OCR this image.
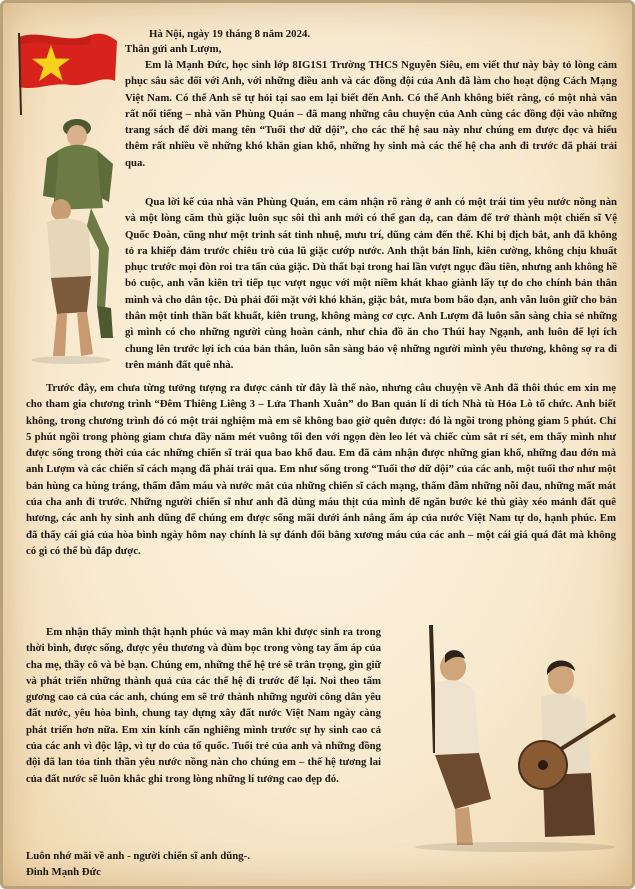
Hà Nội, ngày 19 tháng 8 năm 2024.
Thân gửi anh Lượm,

Em là Mạnh Đức, học sinh lớp 8IG1S1 Trường THCS Nguyễn Siêu, em viết thư này bày tỏ lòng cảm phục sâu sắc đối với Anh, với những điều anh và các đồng đội của Anh đã làm cho hoạt động Cách Mạng Việt Nam. Có thể Anh sẽ tự hỏi tại sao em lại biết đến Anh. Có thể Anh không biết rằng, có một nhà văn rất nổi tiếng – nhà văn Phùng Quán – đã mang những câu chuyện của Anh cùng các đồng đội vào những trang sách để đời mang tên “Tuổi thơ dữ dội”, cho các thế hệ sau này như chúng em được đọc và hiểu thêm rất nhiều về những khó khăn gian khổ, những hy sinh mà các thế hệ cha anh đi trước đã phải trải qua.

Qua lời kể của nhà văn Phùng Quán, em cảm nhận rõ ràng ở anh có một trái tim yêu nước nồng nàn và một lòng căm thù giặc luôn sục sôi thì anh mới có thể gan dạ, can đảm để trở thành một chiến sĩ Vệ Quốc Đoàn, cũng như một trinh sát tinh nhuệ, mưu trí, dũng cảm đến thế. Khi bị địch bắt, anh đã không tỏ ra khiếp đảm trước chiêu trò của lũ giặc cướp nước. Anh thật bản lĩnh, kiên cường, không chịu khuất phục trước mọi đòn roi tra tấn của giặc. Dù thất bại trong hai lần vượt ngục đầu tiên, nhưng anh không hề bỏ cuộc, anh vẫn kiên trì tiếp tục vượt ngục với một niềm khát khao giành lấy tự do cho chính bản thân mình và cho dân tộc. Dù phải đối mặt với khó khăn, giặc bắt, mưa bom bão đạn, anh vẫn luôn giữ cho bản thân một tinh thần bất khuất, kiên trung, không màng cơ cực. Anh Lượm đã luôn sẵn sàng chia sẻ những gì mình có cho những người cùng hoàn cảnh, như chia đồ ăn cho Thúi hay Ngạnh, anh luôn để lợi ích chung lên trước lợi ích của bản thân, luôn sẵn sàng bảo vệ những người mình yêu thương, không sợ ra đi trên mảnh đất quê nhà.

Trước đây, em chưa từng tưởng tượng ra được cảnh từ đây là thế nào, nhưng câu chuyện về Anh đã thôi thúc em xin mẹ cho tham gia chương trình “Đêm Thiêng Liêng 3 – Lửa Thanh Xuân” do Ban quản lí di tích Nhà tù Hỏa Lò tổ chức. Anh biết không, trong chương trình đó có một trải nghiệm mà em sẽ không bao giờ quên được: đó là ngồi trong phòng giam 5 phút. Chỉ 5 phút ngồi trong phòng giam chưa đầy năm mét vuông tối đen với ngọn đèn leo lét và chiếc cùm sắt rỉ sét, em thấy mình như được sống trong thời của các những chiến sĩ trải qua bao khổ đau. Em đã cảm nhận được những gian khổ, những đau đớn mà anh Lượm và các chiến sĩ cách mạng đã phải trải qua. Em như sống trong “Tuổi thơ dữ dội” của các anh, một tuổi thơ như một bản hùng ca hùng tráng, thấm đẫm máu và nước mắt của những chiến sĩ cách mạng, thấm đẫm những nỗi đau, những mất mát của cha anh đi trước. Những người chiến sĩ như anh đã dùng máu thịt của mình để ngăn bước kẻ thù giày xéo mảnh đất quê hương, các anh hy sinh anh dũng để chúng em được sống mãi dưới ánh nắng ấm áp của nước Việt Nam tự do, hạnh phúc. Em đã thấy cái giá của hòa bình ngày hôm nay chính là sự đánh đổi bằng xương máu của các anh – một cái giá quá đắt mà không có gì có thể bù đắp được.

Em nhận thấy mình thật hạnh phúc và may mắn khi được sinh ra trong thời bình, được sống, được yêu thương và đùm bọc trong vòng tay ấm áp của cha mẹ, thầy cô và bè bạn. Chúng em, những thế hệ trẻ sẽ trân trọng, gìn giữ và phát triển những thành quả của các thế hệ đi trước để lại. Noi theo tấm gương cao cả của các anh, chúng em sẽ trở thành những người công dân yêu đất nước, yêu hòa bình, chung tay dựng xây đất nước Việt Nam ngày càng phát triển hơn nữa. Em xin kính cẩn nghiêng mình trước sự hy sinh cao cả của các anh vì độc lập, vì tự do của tổ quốc. Tuổi trẻ của anh và những đồng đội đã lan tỏa tinh thần yêu nước nồng nàn cho chúng em – thế hệ tương lai của đất nước sẽ luôn khắc ghi trong lòng những lí tưởng cao đẹp đó.

Luôn nhớ mãi về anh - người chiến sĩ anh dũng-.
Đinh Mạnh Đức
